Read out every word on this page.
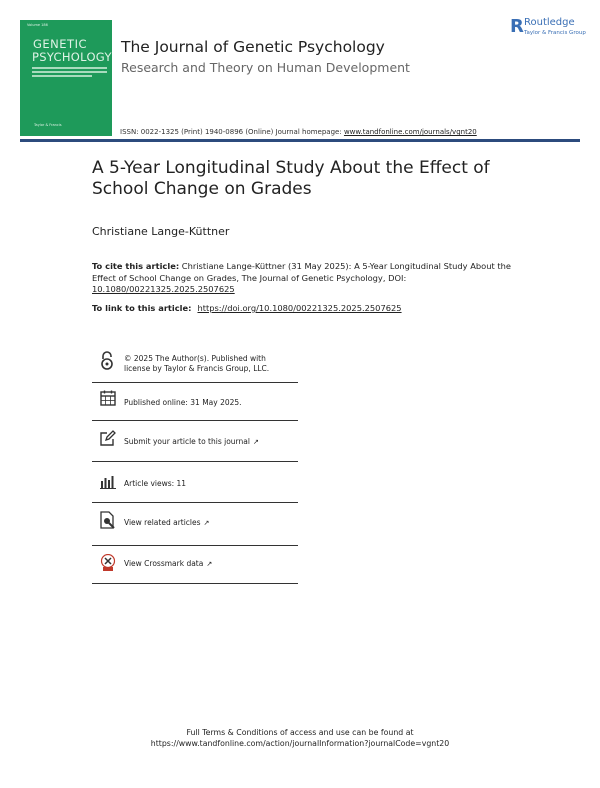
Volume 186
GENETIC
PSYCHOLOGY
Taylor & Francis
The Journal of Genetic Psychology
Research and Theory on Human Development
R Routledge
Taylor & Francis Group
ISSN: 0022-1325 (Print) 1940-0896 (Online) Journal homepage: www.tandfonline.com/journals/vgnt20
A 5-Year Longitudinal Study About the Effect of School Change on Grades
Christiane Lange-Küttner
To cite this article: Christiane Lange-Küttner (31 May 2025): A 5-Year Longitudinal Study About the Effect of School Change on Grades, The Journal of Genetic Psychology, DOI: 10.1080/00221325.2025.2507625
To link to this article: https://doi.org/10.1080/00221325.2025.2507625
© 2025 The Author(s). Published with license by Taylor & Francis Group, LLC.
Published online: 31 May 2025.
Submit your article to this journal ↗
Article views: 11
View related articles ↗
View Crossmark data ↗
Full Terms & Conditions of access and use can be found at
https://www.tandfonline.com/action/journalInformation?journalCode=vgnt20
